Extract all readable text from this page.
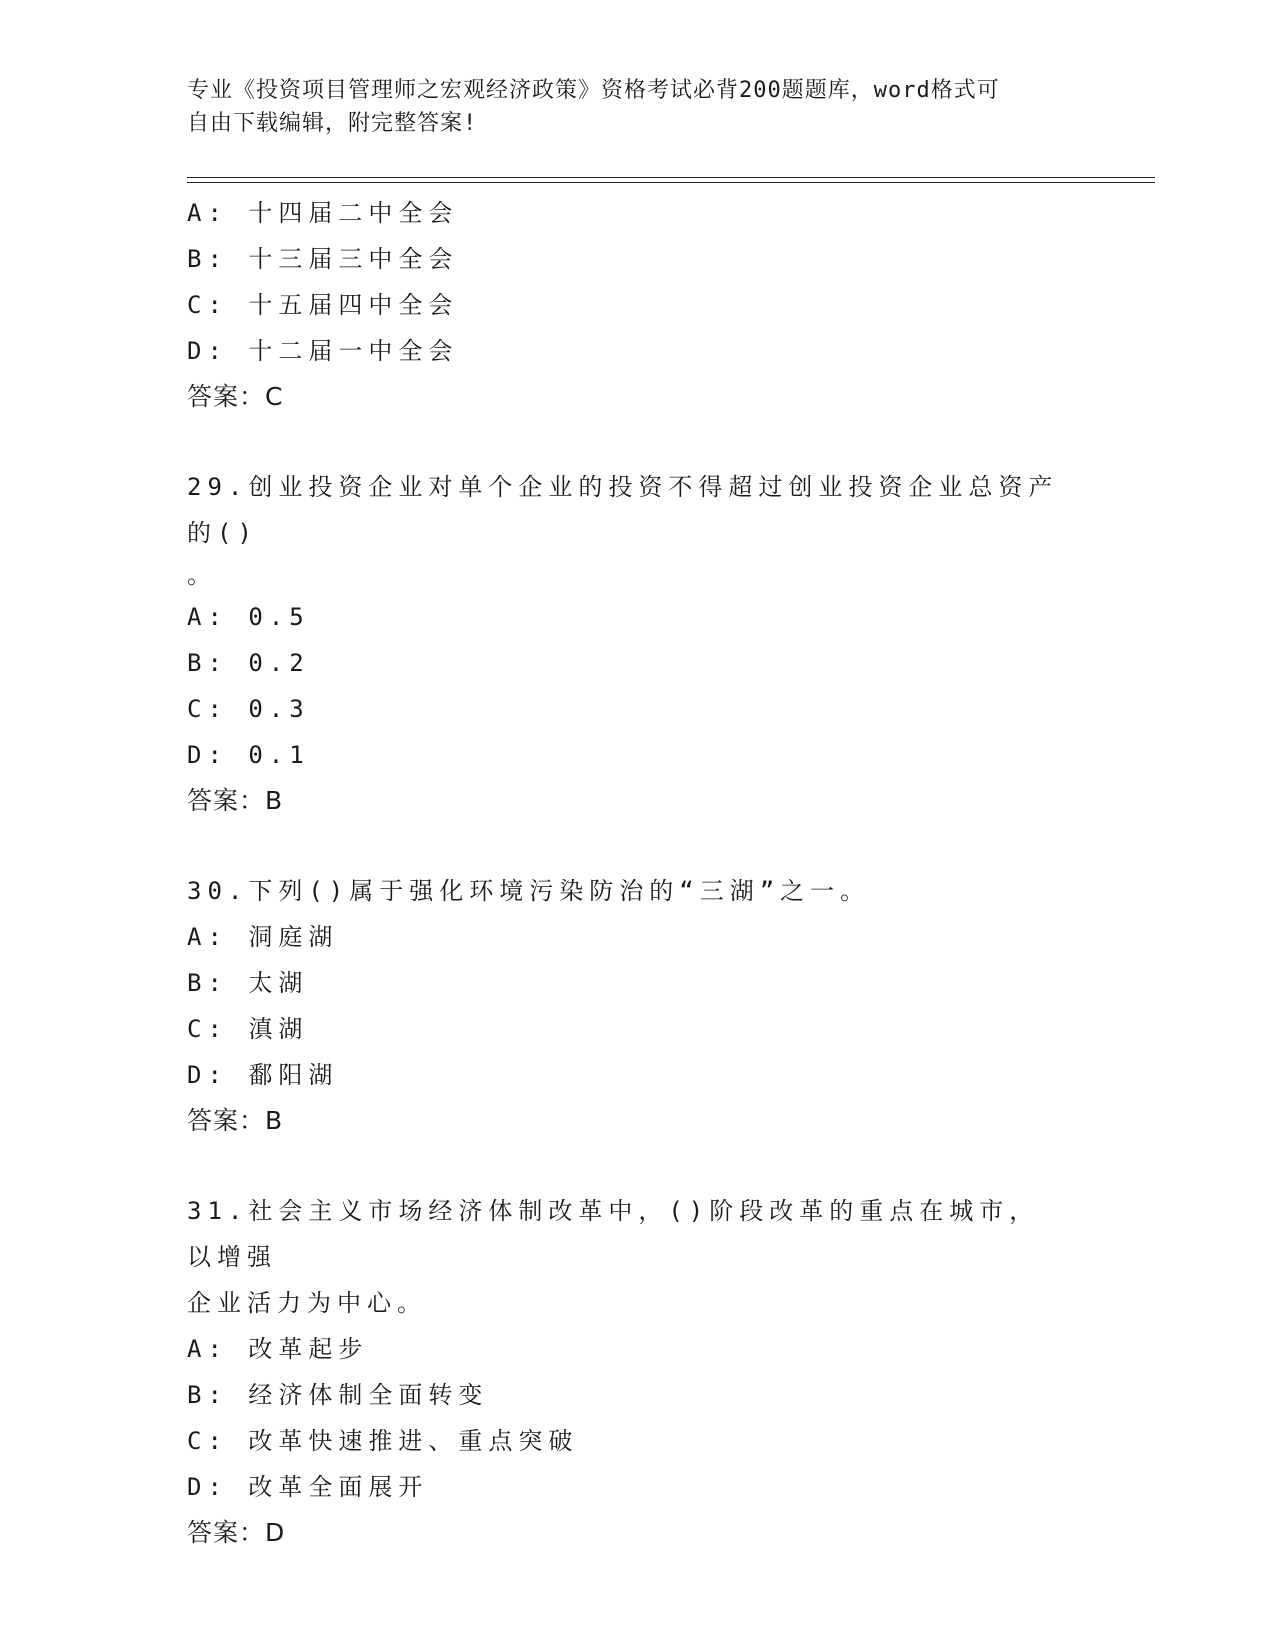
专业《投资项目管理师之宏观经济政策》资格考试必背200题题库，word格式可
自由下载编辑，附完整答案!
A: 十四届二中全会
B: 十三届三中全会
C: 十五届四中全会
D: 十二届一中全会
答案：C
29.创业投资企业对单个企业的投资不得超过创业投资企业总资产的()
。
A: 0.5
B: 0.2
C: 0.3
D: 0.1
答案：B
30.下列()属于强化环境污染防治的“三湖”之一。
A: 洞庭湖
B: 太湖
C: 滇湖
D: 鄱阳湖
答案：B
31.社会主义市场经济体制改革中，()阶段改革的重点在城市，以增强
企业活力为中心。
A: 改革起步
B: 经济体制全面转变
C: 改革快速推进、重点突破
D: 改革全面展开
答案：D
